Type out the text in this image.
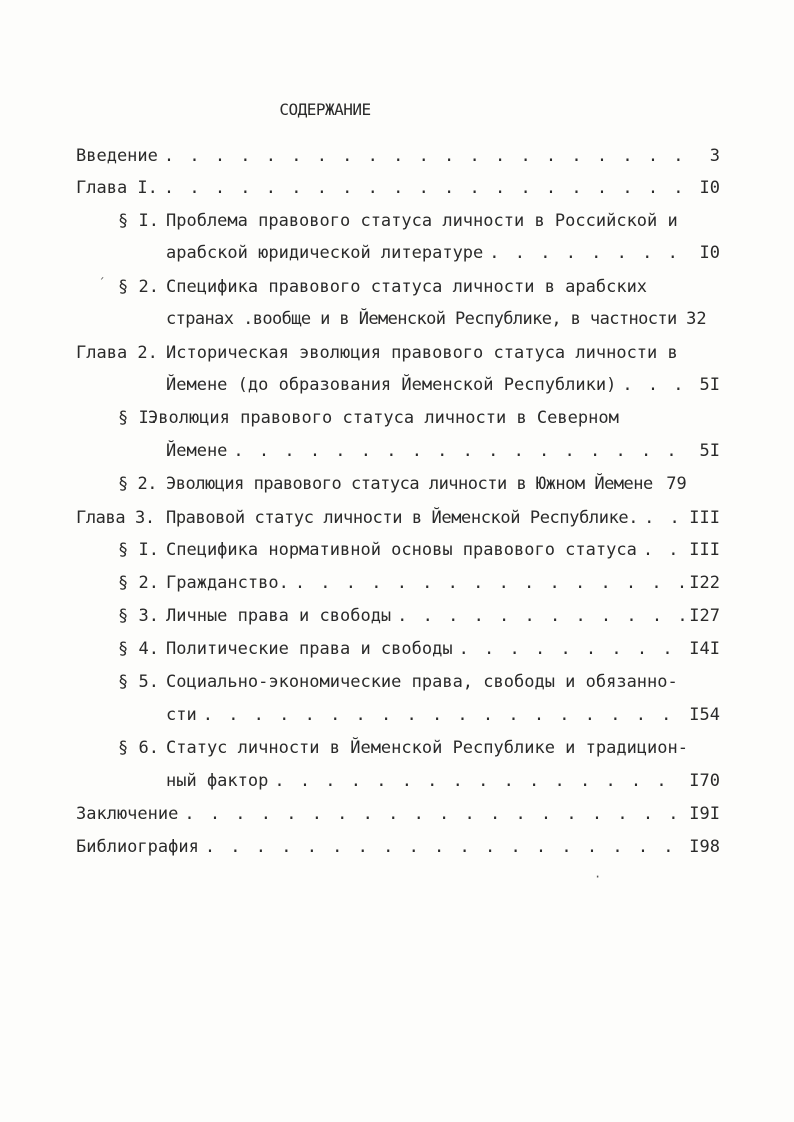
СОДЕРЖАНИЕ
Введение . . .	3
Глава I. . . .	I0
§ I. Проблема правового статуса личности в Российской и
арабской юридической литературе . . .	I0
§ 2. Специфика правового статуса личности в арабских
странах .вообще и в Йеменской Республике, в частности 32
Глава 2. Историческая эволюция правового статуса личности в
Йемене (до образования Йеменской Республики) . . .	5I
§ I.Эволюция правового статуса личности в Северном
Йемене . . .	5I
§ 2. Эволюция правового статуса личности в Южном Йемене 79
Глава 3. Правовой статус личности в Йеменской Республике. . . .	III
§ I. Специфика нормативной основы правового статуса . . .	III
§ 2. Гражданство. . . .	I22
§ 3. Личные права и свободы . . .	I27
§ 4. Политические права и свободы . . .	I4I
§ 5. Социально-экономические права, свободы и обязанно-
сти . . .	I54
§ 6. Статус личности в Йеменской Республике и традицион-
ный фактор . . .	I70
Заключение . . .	I9I
Библиография . . .	I98
´
·
